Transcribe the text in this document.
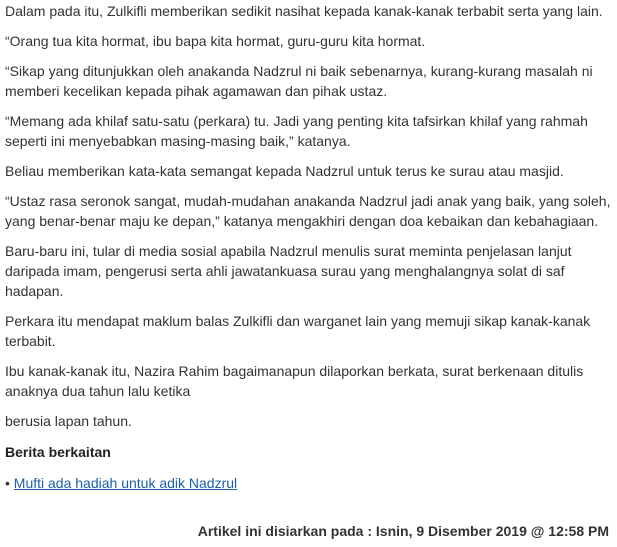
Dalam pada itu, Zulkifli memberikan sedikit nasihat kepada kanak-kanak terbabit serta yang lain.

“Orang tua kita hormat, ibu bapa kita hormat, guru-guru kita hormat.

“Sikap yang ditunjukkan oleh anakanda Nadzrul ni baik sebenarnya, kurang-kurang masalah ni memberi kecelikan kepada pihak agamawan dan pihak ustaz.

“Memang ada khilaf satu-satu (perkara) tu. Jadi yang penting kita tafsirkan khilaf yang rahmah seperti ini menyebabkan masing-masing baik,” katanya.

Beliau memberikan kata-kata semangat kepada Nadzrul untuk terus ke surau atau masjid.

“Ustaz rasa seronok sangat, mudah-mudahan anakanda Nadzrul jadi anak yang baik, yang soleh, yang benar-benar maju ke depan,” katanya mengakhiri dengan doa kebaikan dan kebahagiaan.

Baru-baru ini, tular di media sosial apabila Nadzrul menulis surat meminta penjelasan lanjut daripada imam, pengerusi serta ahli jawatankuasa surau yang menghalangnya solat di saf hadapan.

Perkara itu mendapat maklum balas Zulkifli dan warganet lain yang memuji sikap kanak-kanak terbabit.

Ibu kanak-kanak itu, Nazira Rahim bagaimanapun dilaporkan berkata, surat berkenaan ditulis anaknya dua tahun lalu ketika

berusia lapan tahun.

Berita berkaitan
• Mufti ada hadiah untuk adik Nadzrul
Artikel ini disiarkan pada : Isnin, 9 Disember 2019 @ 12:58 PM
